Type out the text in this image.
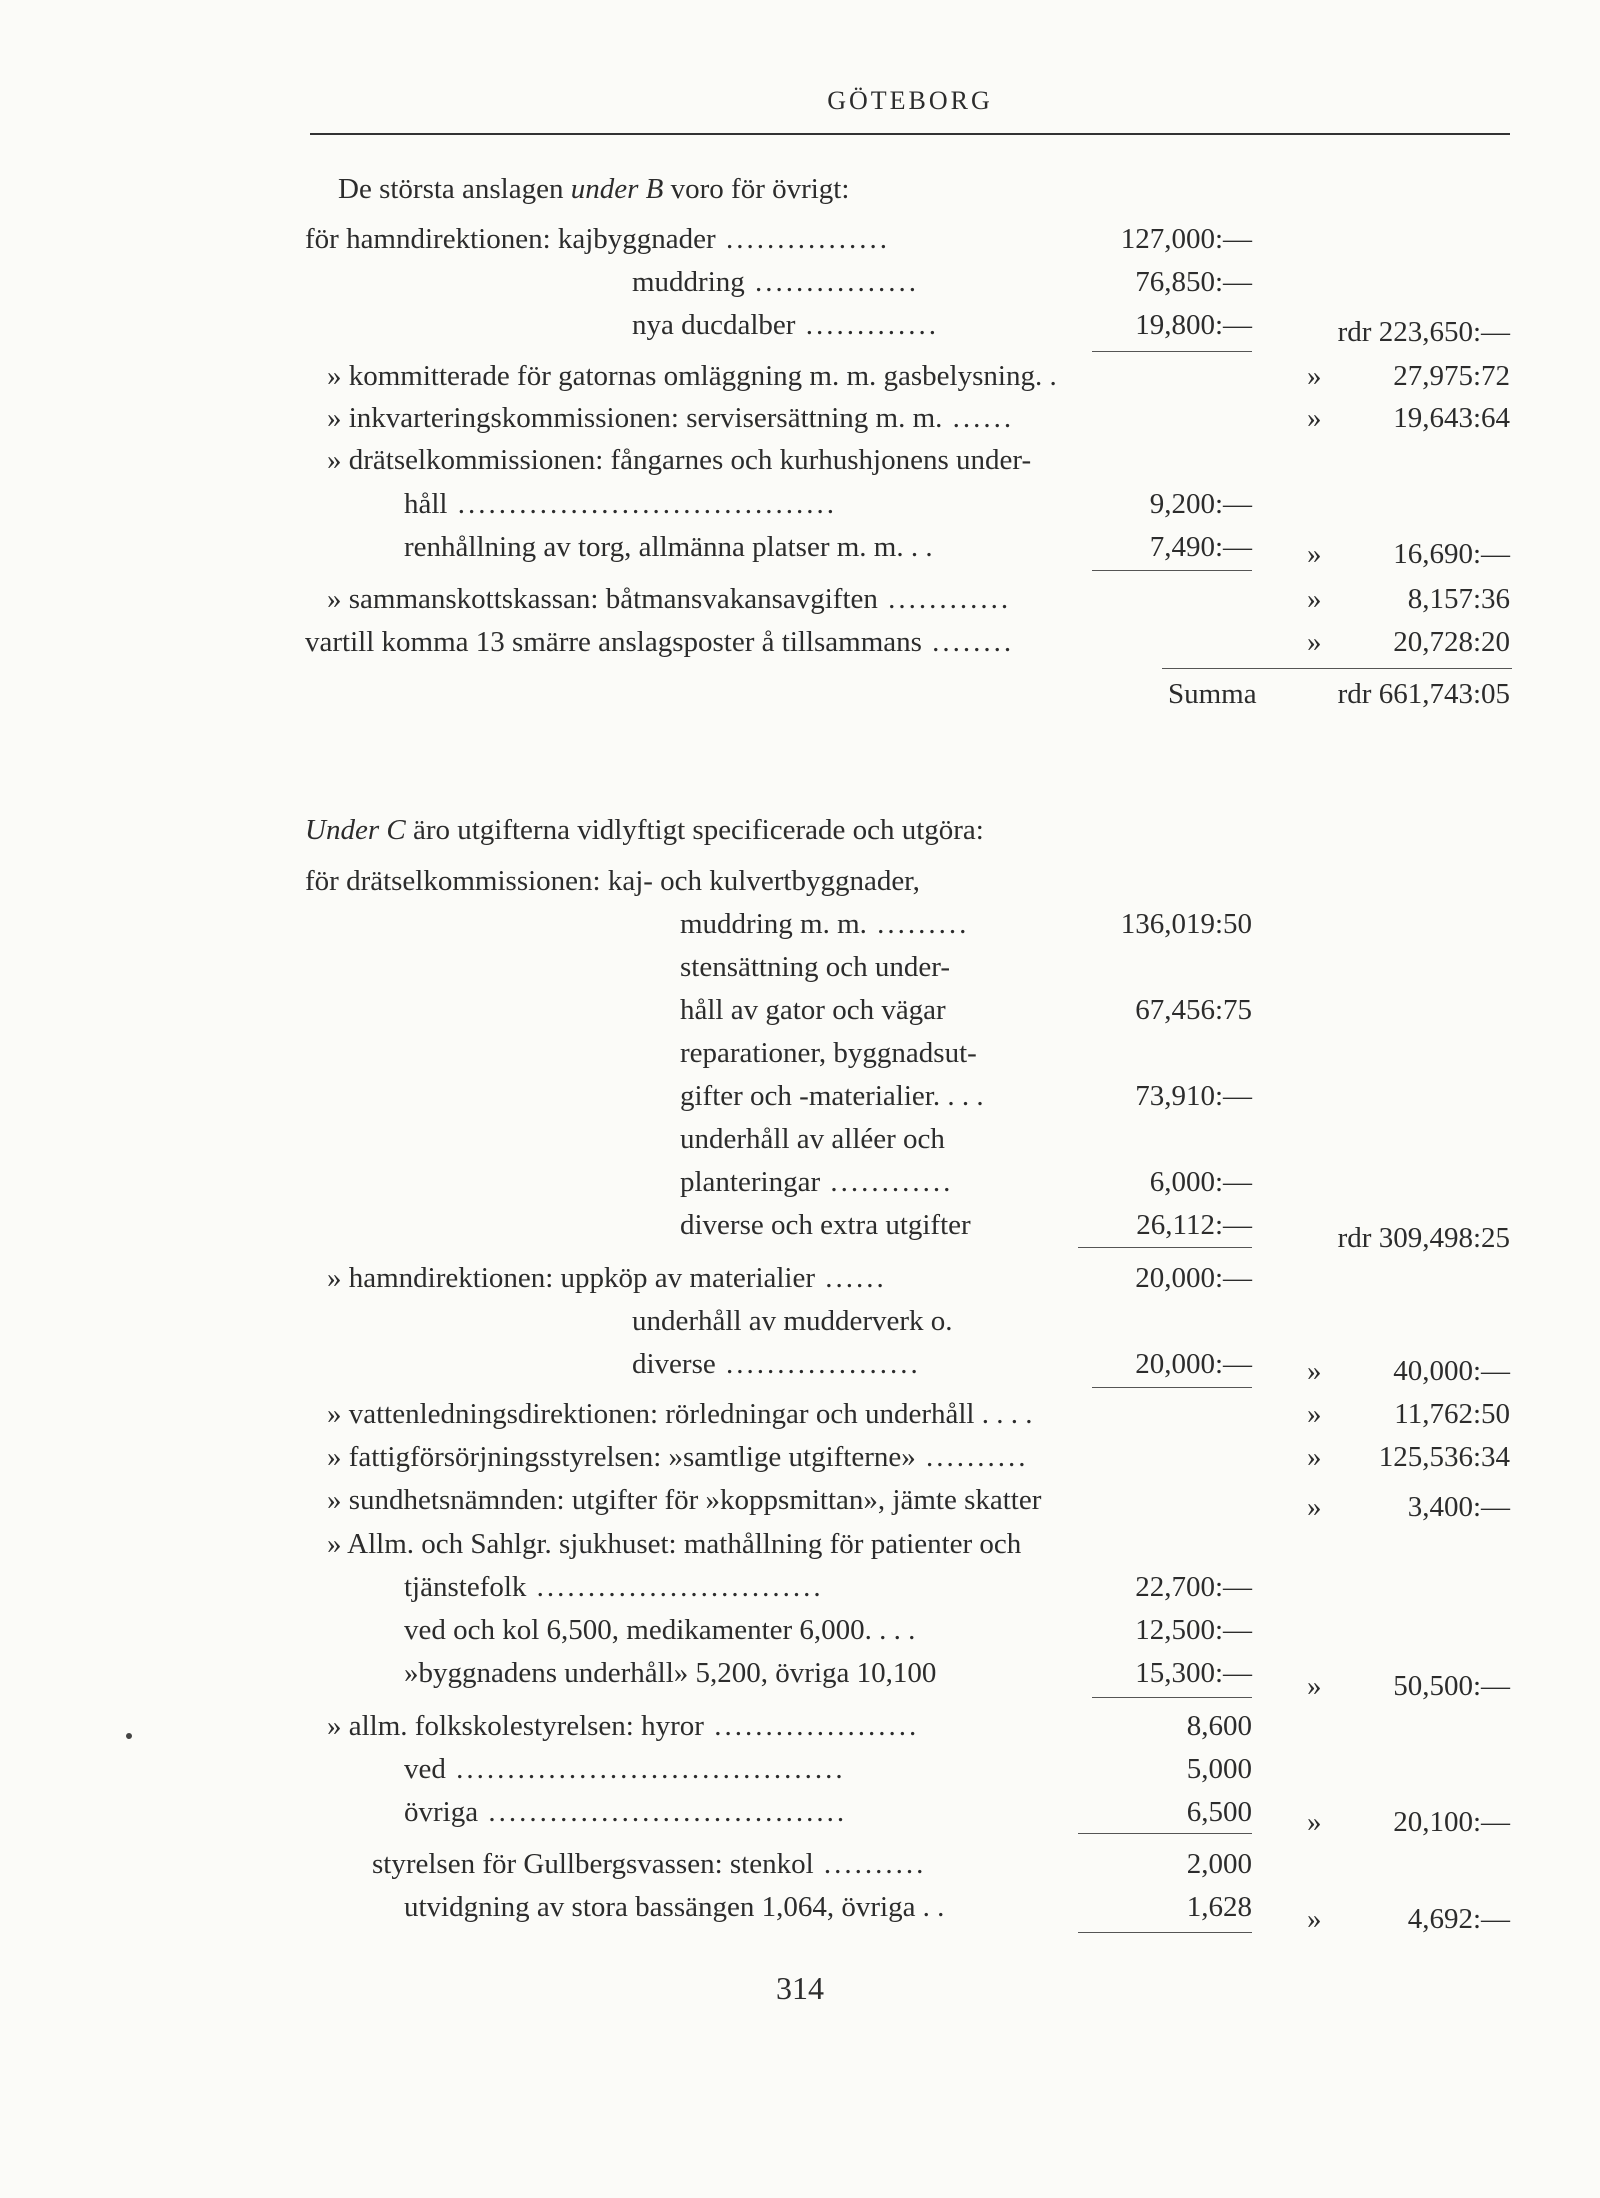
GÖTEBORG
De största anslagen under B voro för övrigt:
för hamndirektionen: kajbyggnader ................	127,000:—
muddring ................	76,850:—
nya ducdalber .............	19,800:—	rdr 223,650:—
» kommitterade för gatornas omläggning m. m. gasbelysning. .	» 27,975:72
» inkvarteringskommissionen: servisersättning m. m. ......	» 19,643:64
» drätselkommissionen: fångarnes och kurhushjonens under-
håll .....................................	9,200:—
renhållning av torg, allmänna platser m. m. . .	7,490:— » 16,690:—
» sammanskottskassan: båtmansvakansavgiften ............	»	8,157:36
vartill komma 13 smärre anslagsposter å tillsammans ........	» 20,728:20
Summa	rdr 661,743:05
Under C äro utgifterna vidlyftigt specificerade och utgöra:
för drätselkommissionen: kaj- och kulvertbyggnader,
muddring m. m. .........	136,019:50
stensättning och under-
håll av gator och vägar	67,456:75
reparationer, byggnadsut-
gifter och -materialier. . . .	73,910:—
underhåll av alléer och
planteringar ............	6,000:—
diverse och extra utgifter	26,112:—	rdr 309,498:25
» hamndirektionen: uppköp av materialier ......	20,000:—
underhåll av mudderverk o.
diverse ...................	20,000:— » 40,000:—
» vattenledningsdirektionen: rörledningar och underhåll . . . .	»	11,762:50
» fattigförsörjningsstyrelsen: »samtlige utgifterne» ..........	» 125,536:34
» sundhetsnämnden: utgifter för »koppsmittan», jämte skatter	»	3,400:—
» Allm. och Sahlgr. sjukhuset: mathållning för patienter och
tjänstefolk ............................	22,700:—
ved och kol 6,500, medikamenter 6,000. . . .	12,500:—
»byggnadens underhåll» 5,200, övriga 10,100	15,300:— » 50,500:—
» allm. folkskolestyrelsen: hyror ....................	8,600
ved ......................................	5,000
övriga ...................................	6,500 » 20,100:—
styrelsen för Gullbergsvassen: stenkol ..........	2,000
utvidgning av stora bassängen 1,064, övriga . .	1,628 »	4,692:—
314
